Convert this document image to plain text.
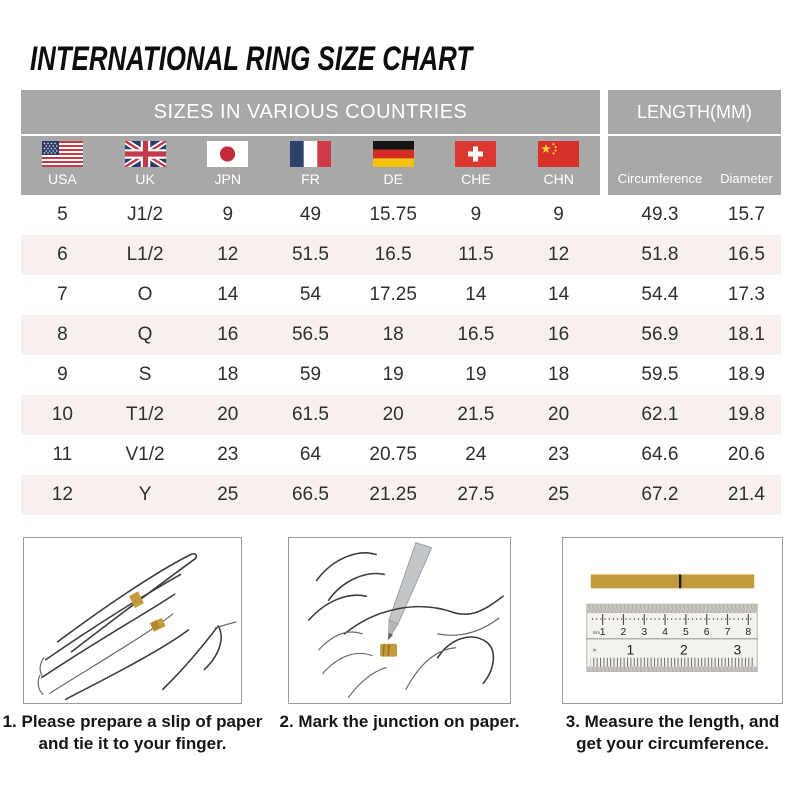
INTERNATIONAL RING SIZE CHART
SIZES IN VARIOUS COUNTRIES
USA	UK	JPN	FR	DE	CHE	CHN
LENGTH(MM)
Circumference	Diameter
5	J1/2	9	49	15.75	9	9	49.3	15.7
6	L1/2	12	51.5	16.5	11.5	12	51.8	16.5
7	O	14	54	17.25	14	14	54.4	17.3
8	Q	16	56.5	18	16.5	16	56.9	18.1
9	S	18	59	19	19	18	59.5	18.9
10	T1/2	20	61.5	20	21.5	20	62.1	19.8
11	V1/2	23	64	20.75	24	23	64.6	20.6
12	Y	25	66.5	21.25	27.5	25	67.2	21.4

1. Please prepare a slip of paper
and tie it to your finger.

2. Mark the junction on paper.

1 2 3 4 5 6 7 8
mm
1	2	3
in

3. Measure the length, and
get your circumference.
